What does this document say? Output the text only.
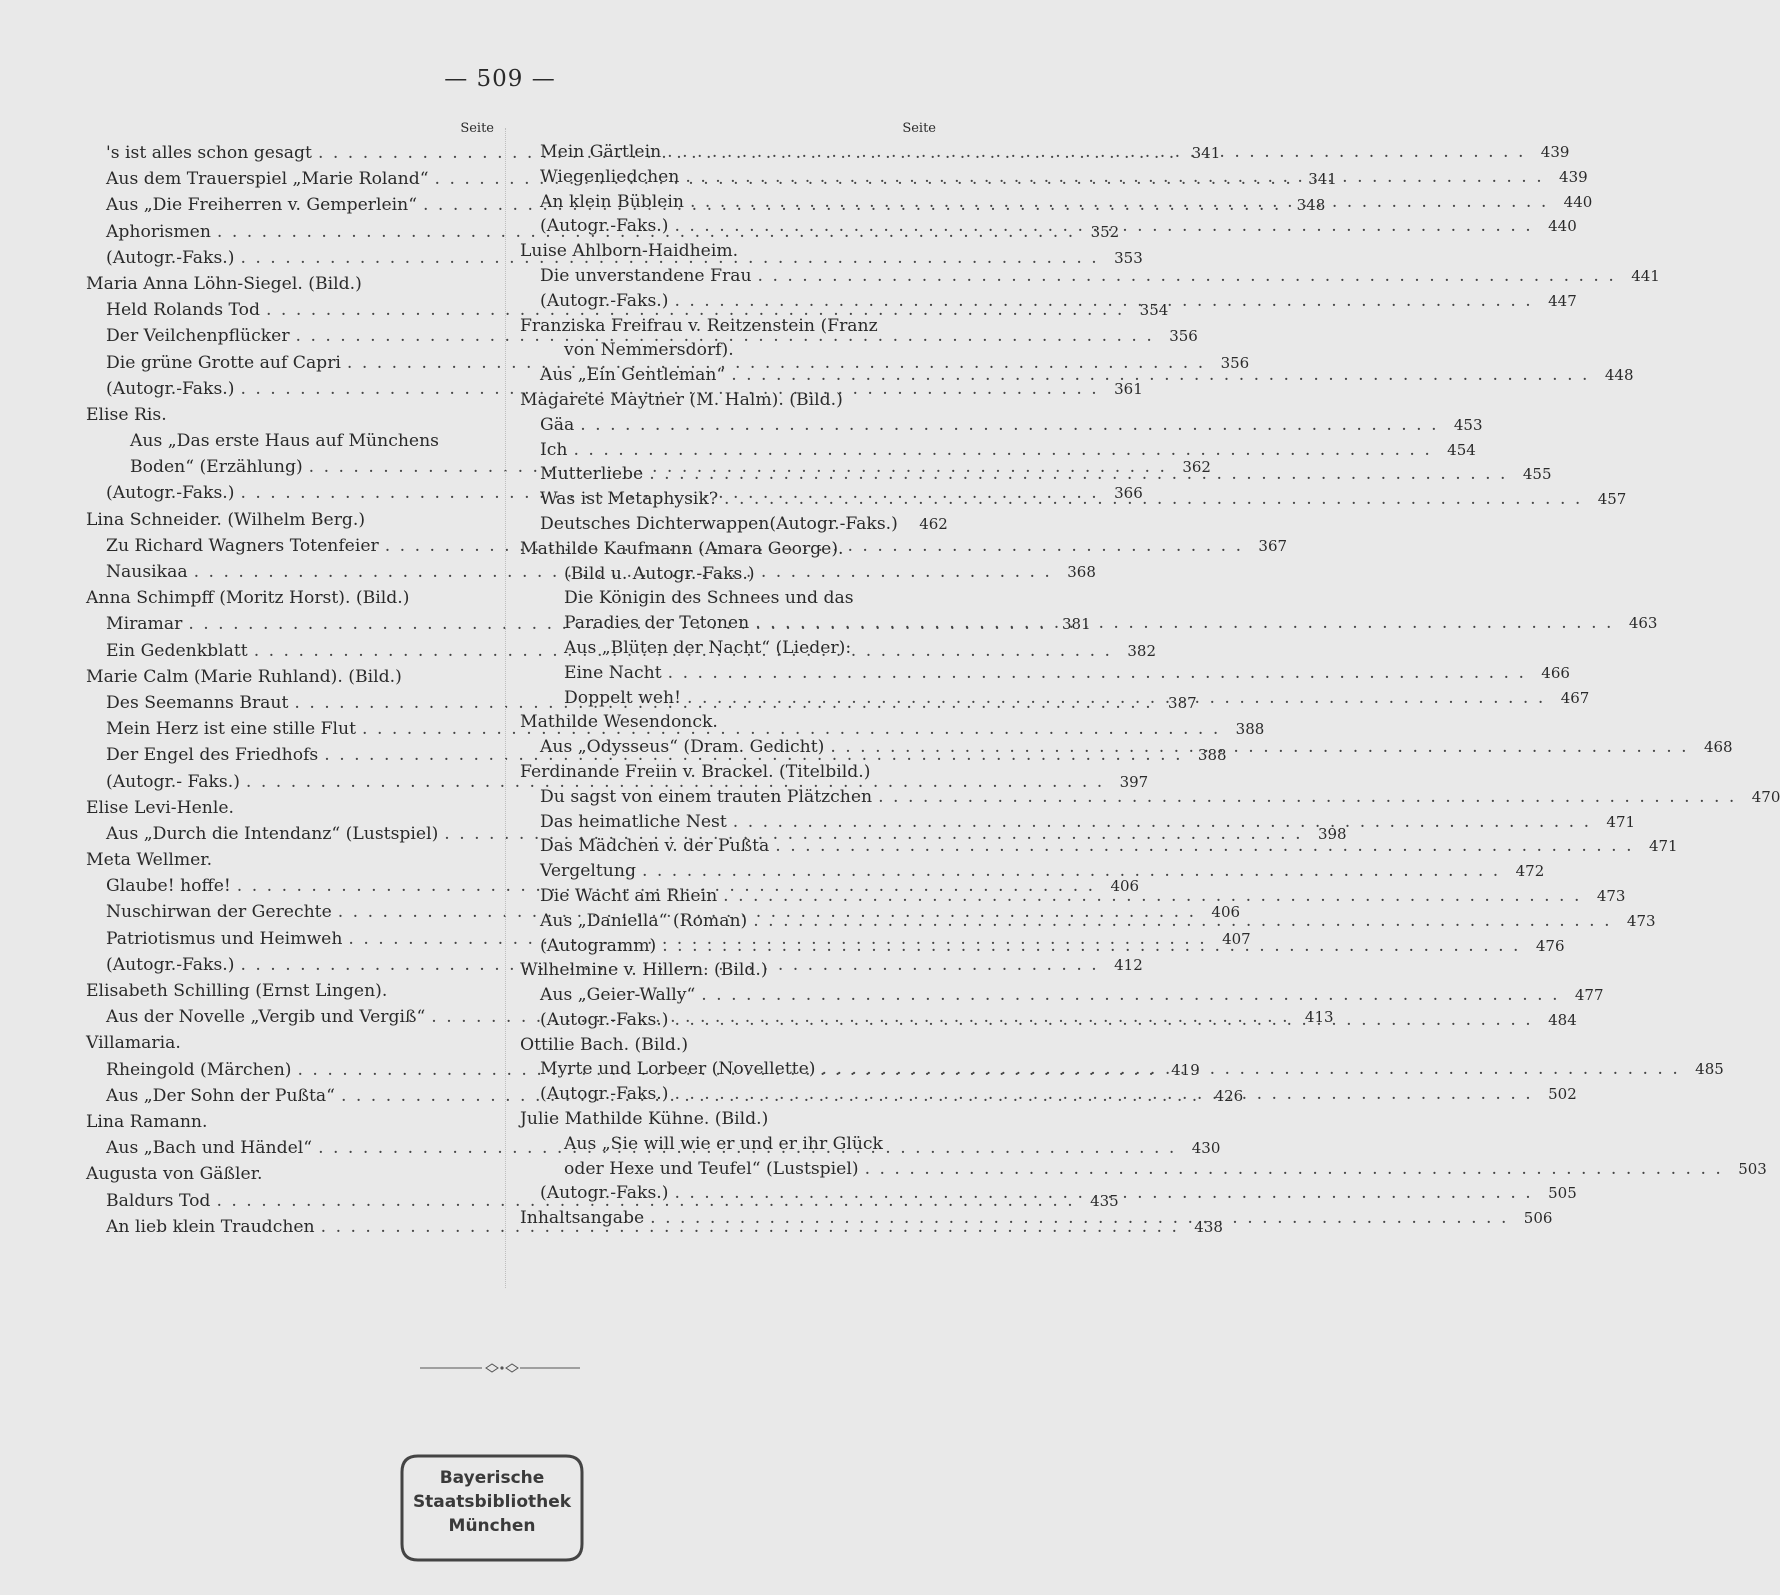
— 509 —
Seite
's ist alles schon gesagt . . .	341
Aus dem Trauerspiel „Marie Roland“ . . .	341
Aus „Die Freiherren v. Gemperlein“ . . .	348
Aphorismen . . .	352
(Autogr.-Faks.) . . .	353
Maria Anna Löhn-Siegel. (Bild.)
Held Rolands Tod . . .	354
Der Veilchenpflücker . . .	356
Die grüne Grotte auf Capri . . .	356
(Autogr.-Faks.) . . .	361
Elise Ris.
Aus „Das erste Haus auf Münchens
Boden“ (Erzählung) . . .	362
(Autogr.-Faks.) . . .	366
Lina Schneider. (Wilhelm Berg.)
Zu Richard Wagners Totenfeier . . .	367
Nausikaa . . .	368
Anna Schimpff (Moritz Horst). (Bild.)
Miramar . . .	381
Ein Gedenkblatt . . .	382
Marie Calm (Marie Ruhland). (Bild.)
Des Seemanns Braut . . .	387
Mein Herz ist eine stille Flut . . .	388
Der Engel des Friedhofs . . .	388
(Autogr.- Faks.) . . .	397
Elise Levi-Henle.
Aus „Durch die Intendanz“ (Lustspiel) . . .	398
Meta Wellmer.
Glaube! hoffe! . . .	406
Nuschirwan der Gerechte . . .	406
Patriotismus und Heimweh . . .	407
(Autogr.-Faks.) . . .	412
Elisabeth Schilling (Ernst Lingen).
Aus der Novelle „Vergib und Vergiß“ . . .	413
Villamaria.
Rheingold (Märchen) . . .	419
Aus „Der Sohn der Pußta“ . . .	426
Lina Ramann.
Aus „Bach und Händel“ . . .	430
Augusta von Gäßler.
Baldurs Tod . . .	435
An lieb klein Traudchen . . .	438
Seite
Mein Gärtlein . . .	439
Wiegenliedchen . . .	439
An klein Büblein . . .	440
(Autogr.-Faks.) . . .	440
Luise Ahlborn-Haidheim.
Die unverstandene Frau . . .	441
(Autogr.-Faks.) . . .	447
Franziska Freifrau v. Reitzenstein (Franz
von Nemmersdorf).
Aus „Ein Gentleman“ . . .	448
Magarete Maytner (M. Halm). (Bild.)
Gäa . . .	453
Ich . . .	454
Mutterliebe . . .	455
Was ist Metaphysik? . . .	457
Deutsches Dichterwappen(Autogr.-Faks.)	462
Mathilde Kaufmann (Amara George).
(Bild u. Autogr.-Faks.)
Die Königin des Schnees und das
Paradies der Tetonen . . .	463
Aus „Blüten der Nacht“ (Lieder):
Eine Nacht . . .	466
Doppelt weh! . . .	467
Mathilde Wesendonck.
Aus „Odysseus“ (Dram. Gedicht) . . .	468
Ferdinande Freiin v. Brackel. (Titelbild.)
Du sagst von einem trauten Plätzchen . . .	470
Das heimatliche Nest . . .	471
Das Mädchen v. der Pußta . . .	471
Vergeltung . . .	472
Die Wacht am Rhein . . .	473
Aus „Daniella“ (Roman) . . .	473
(Autogramm) . . .	476
Wilhelmine v. Hillern. (Bild.)
Aus „Geier-Wally“ . . .	477
(Autogr.-Faks.) . . .	484
Ottilie Bach. (Bild.)
Myrte und Lorbeer (Novellette) . . .	485
(Autogr.-Faks.) . . .	502
Julie Mathilde Kühne. (Bild.)
Aus „Sie will wie er und er ihr Glück
oder Hexe und Teufel“ (Lustspiel) . . .	503
(Autogr.-Faks.) . . .	505
Inhaltsangabe . . .	506
Bayerische
Staatsbibliothek
München
